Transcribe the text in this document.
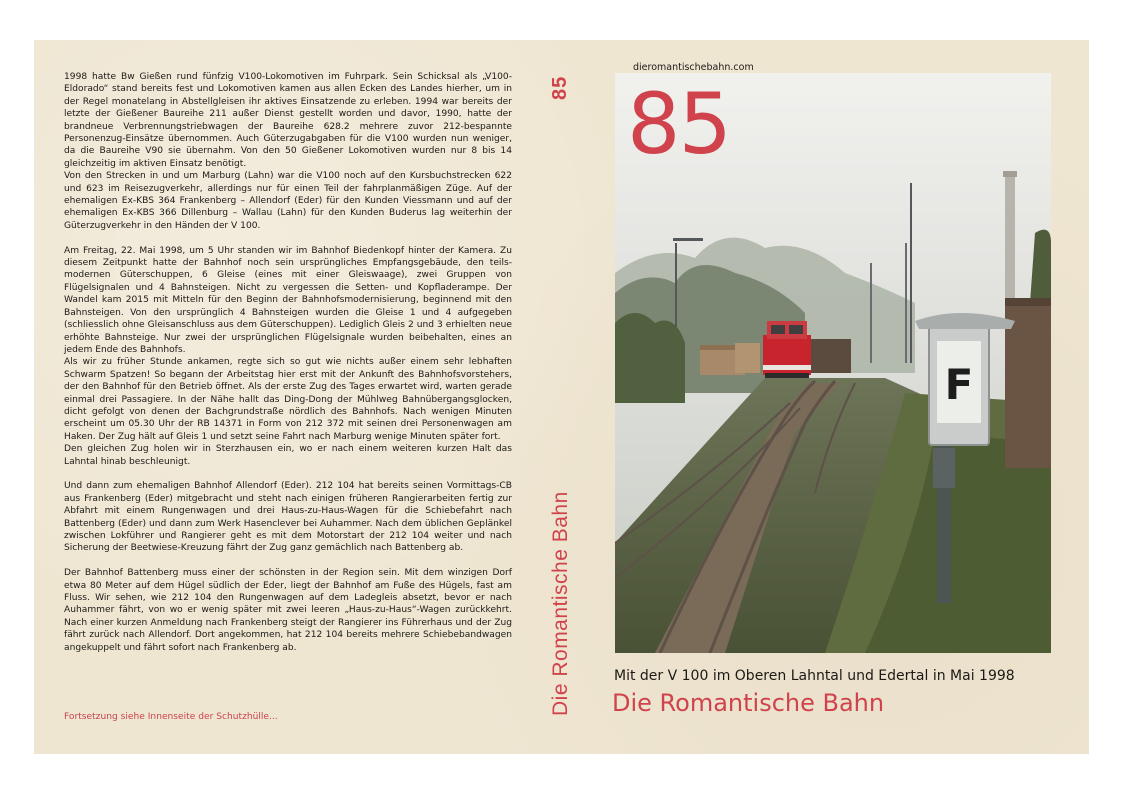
1998 hatte Bw Gießen rund fünfzig V100-Lokomotiven im Fuhrpark. Sein Schicksal als „V100-Eldorado“ stand bereits fest und Lokomotiven kamen aus allen Ecken des Landes hierher, um in der Regel monatelang in Abstellgleisen ihr aktives Einsatzende zu erleben. 1994 war bereits der letzte der Gießener Baureihe 211 außer Dienst gestellt worden und davor, 1990, hatte der brandneue Verbrennungstriebwagen der Baureihe 628.2 mehrere zuvor 212-bespannte Personenzug-Einsätze übernommen. Auch Güterzugabgaben für die V100 wurden nun weniger, da die Baureihe V90 sie übernahm. Von den 50 Gießener Lokomotiven wurden nur 8 bis 14 gleichzeitig im aktiven Einsatz benötigt.

Von den Strecken in und um Marburg (Lahn) war die V100 noch auf den Kursbuchstrecken 622 und 623 im Reisezugverkehr, allerdings nur für einen Teil der fahrplanmäßigen Züge. Auf der ehemaligen Ex-KBS 364 Frankenberg – Allendorf (Eder) für den Kunden Viessmann und auf der ehemaligen Ex-KBS 366 Dillenburg – Wallau (Lahn) für den Kunden Buderus lag weiterhin der Güterzugverkehr in den Händen der V 100.

Am Freitag, 22. Mai 1998, um 5 Uhr standen wir im Bahnhof Biedenkopf hinter der Kamera. Zu diesem Zeitpunkt hatte der Bahnhof noch sein ursprüngliches Empfangsgebäude, den teils-modernen Güterschuppen, 6 Gleise (eines mit einer Gleiswaage), zwei Gruppen von Flügelsignalen und 4 Bahnsteigen. Nicht zu vergessen die Setten- und Kopfladerampe. Der Wandel kam 2015 mit Mitteln für den Beginn der Bahnhofsmodernisierung, beginnend mit den Bahnsteigen. Von den ursprünglich 4 Bahnsteigen wurden die Gleise 1 und 4 aufgegeben (schliesslich ohne Gleisanschluss aus dem Güterschuppen). Lediglich Gleis 2 und 3 erhielten neue erhöhte Bahnsteige. Nur zwei der ursprünglichen Flügelsignale wurden beibehalten, eines an jedem Ende des Bahnhofs.

Als wir zu früher Stunde ankamen, regte sich so gut wie nichts außer einem sehr lebhaften Schwarm Spatzen! So begann der Arbeitstag hier erst mit der Ankunft des Bahnhofsvorstehers, der den Bahnhof für den Betrieb öffnet. Als der erste Zug des Tages erwartet wird, warten gerade einmal drei Passagiere. In der Nähe hallt das Ding-Dong der Mühlweg Bahnübergangsglocken, dicht gefolgt von denen der Bachgrundstraße nördlich des Bahnhofs. Nach wenigen Minuten erscheint um 05.30 Uhr der RB 14371 in Form von 212 372 mit seinen drei Personenwagen am Haken. Der Zug hält auf Gleis 1 und setzt seine Fahrt nach Marburg wenige Minuten später fort.

Den gleichen Zug holen wir in Sterzhausen ein, wo er nach einem weiteren kurzen Halt das Lahntal hinab beschleunigt.

Und dann zum ehemaligen Bahnhof Allendorf (Eder). 212 104 hat bereits seinen Vormittags-CB aus Frankenberg (Eder) mitgebracht und steht nach einigen früheren Rangierarbeiten fertig zur Abfahrt mit einem Rungenwagen und drei Haus-zu-Haus-Wagen für die Schiebefahrt nach Battenberg (Eder) und dann zum Werk Hasenclever bei Auhammer. Nach dem üblichen Geplänkel zwischen Lokführer und Rangierer geht es mit dem Motorstart der 212 104 weiter und nach Sicherung der Beetwiese-Kreuzung fährt der Zug ganz gemächlich nach Battenberg ab.

Der Bahnhof Battenberg muss einer der schönsten in der Region sein. Mit dem winzigen Dorf etwa 80 Meter auf dem Hügel südlich der Eder, liegt der Bahnhof am Fuße des Hügels, fast am Fluss. Wir sehen, wie 212 104 den Rungenwagen auf dem Ladegleis absetzt, bevor er nach Auhammer fährt, von wo er wenig später mit zwei leeren „Haus-zu-Haus“-Wagen zurückkehrt. Nach einer kurzen Anmeldung nach Frankenberg steigt der Rangierer ins Führerhaus und der Zug fährt zurück nach Allendorf. Dort angekommen, hat 212 104 bereits mehrere Schiebebandwagen angekuppelt und fährt sofort nach Frankenberg ab.

Fortsetzung siehe Innenseite der Schutzhülle...
85
Die Romantische Bahn
dieromantischebahn.com
F
85
Mit der V 100 im Oberen Lahntal und Edertal in Mai 1998
Die Romantische Bahn
